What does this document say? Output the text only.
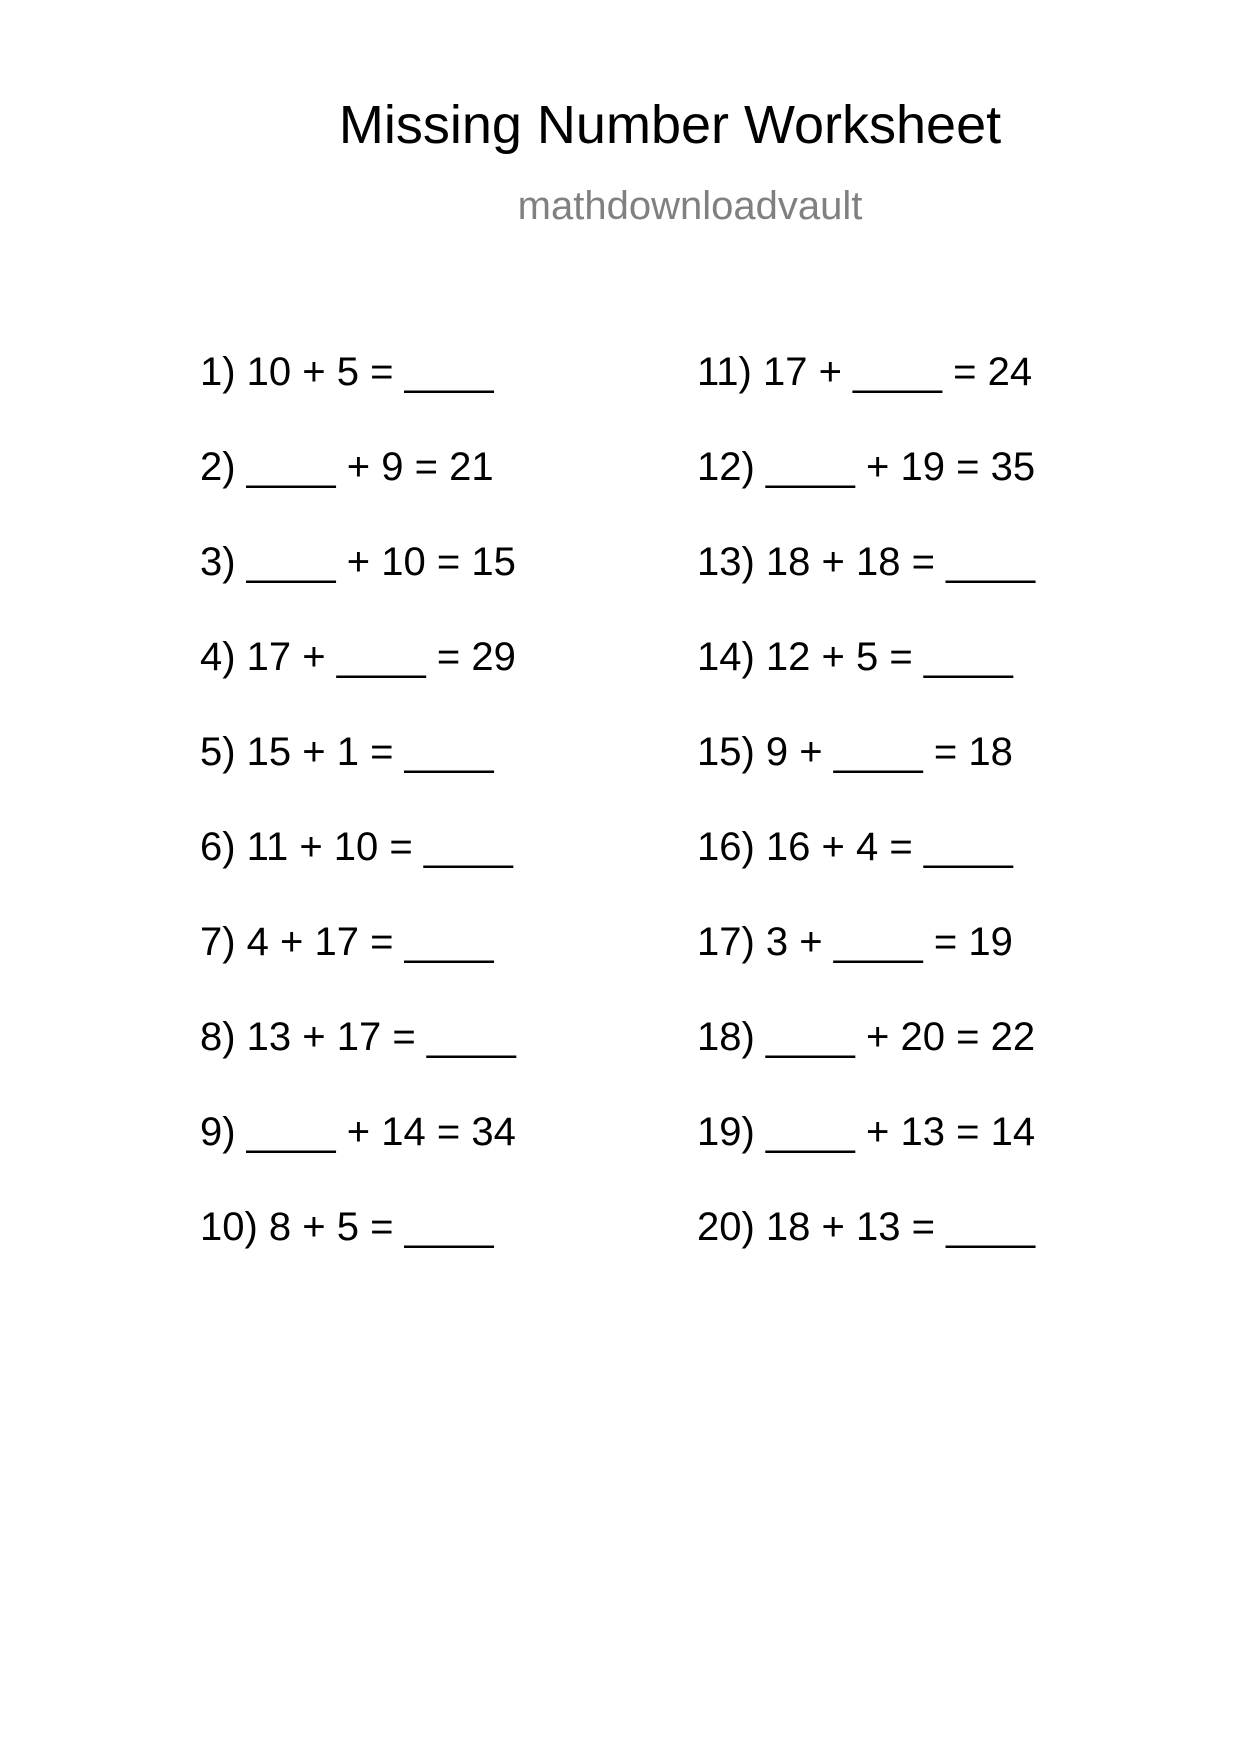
Missing Number Worksheet
mathdownloadvault
1) 10 + 5 = ____
2) ____ + 9 = 21
3) ____ + 10 = 15
4) 17 + ____ = 29
5) 15 + 1 = ____
6) 11 + 10 = ____
7) 4 + 17 = ____
8) 13 + 17 = ____
9) ____ + 14 = 34
10) 8 + 5 = ____
11) 17 + ____ = 24
12) ____ + 19 = 35
13) 18 + 18 = ____
14) 12 + 5 = ____
15) 9 + ____ = 18
16) 16 + 4 = ____
17) 3 + ____ = 19
18) ____ + 20 = 22
19) ____ + 13 = 14
20) 18 + 13 = ____
